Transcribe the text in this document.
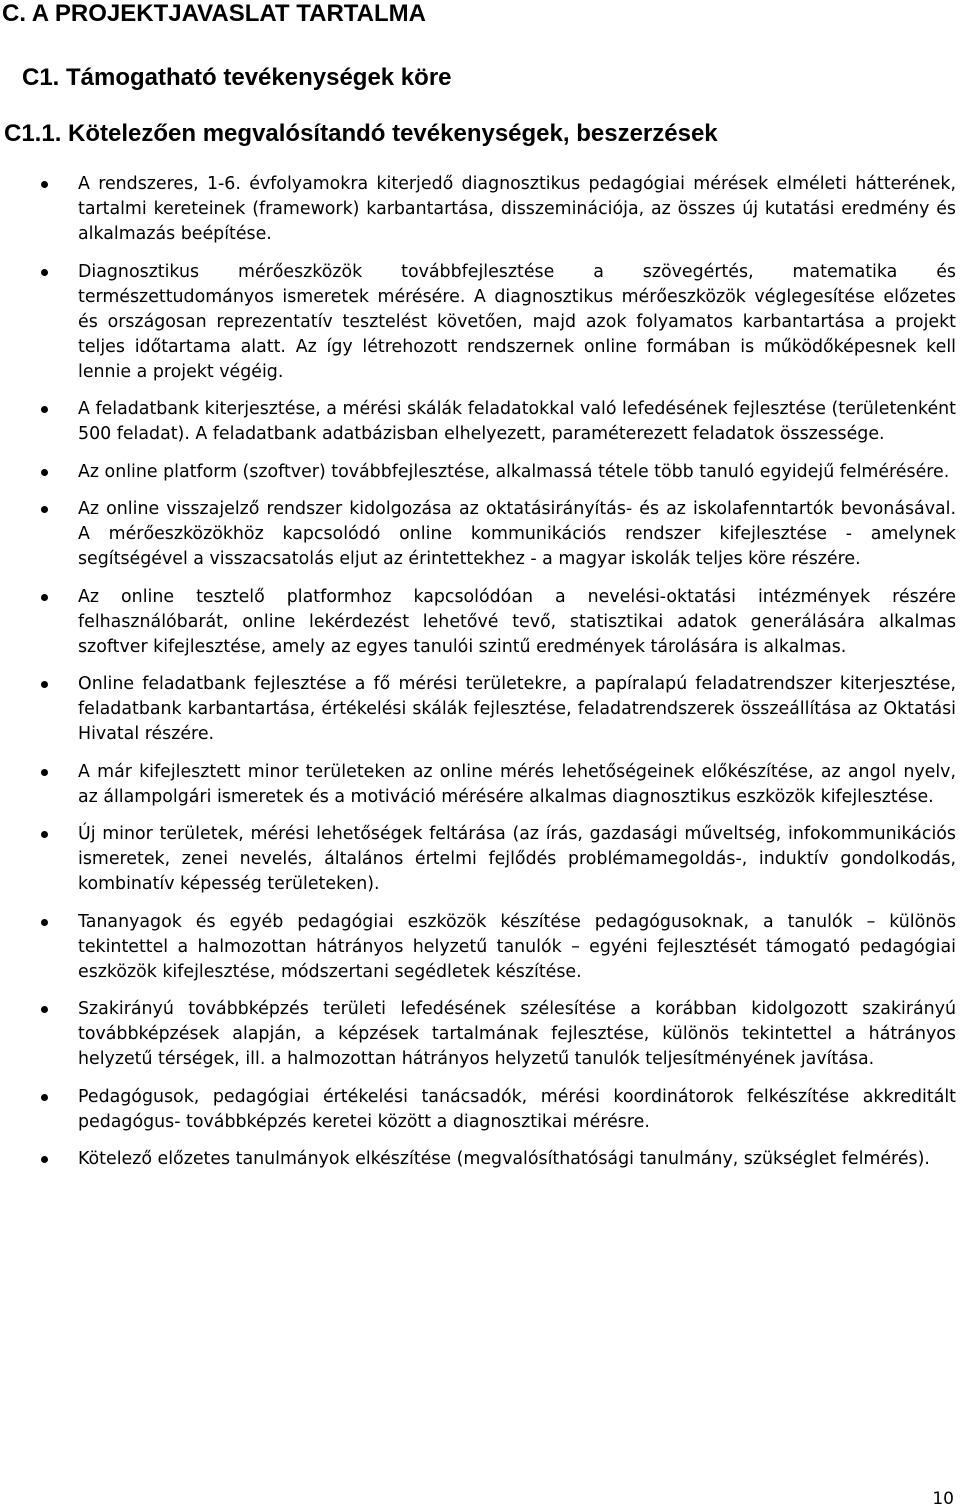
C. A PROJEKTJAVASLAT TARTALMA
C1. Támogatható tevékenységek köre
C1.1. Kötelezően megvalósítandó tevékenységek, beszerzések
A rendszeres, 1-6. évfolyamokra kiterjedő diagnosztikus pedagógiai mérések elméleti hátterének, tartalmi kereteinek (framework) karbantartása, disszeminációja, az összes új kutatási eredmény és alkalmazás beépítése.
Diagnosztikus mérőeszközök továbbfejlesztése a szövegértés, matematika és természettudományos ismeretek mérésére. A diagnosztikus mérőeszközök véglegesítése előzetes és országosan reprezentatív tesztelést követően, majd azok folyamatos karbantartása a projekt teljes időtartama alatt. Az így létrehozott rendszernek online formában is működőképesnek kell lennie a projekt végéig.
A feladatbank kiterjesztése, a mérési skálák feladatokkal való lefedésének fejlesztése (területenként 500 feladat). A feladatbank adatbázisban elhelyezett, paraméterezett feladatok összessége.
Az online platform (szoftver) továbbfejlesztése, alkalmassá tétele több tanuló egyidejű felmérésére.
Az online visszajelző rendszer kidolgozása az oktatásirányítás- és az iskolafenntartók bevonásával. A mérőeszközökhöz kapcsolódó online kommunikációs rendszer kifejlesztése - amelynek segítségével a visszacsatolás eljut az érintettekhez - a magyar iskolák teljes köre részére.
Az online tesztelő platformhoz kapcsolódóan a nevelési-oktatási intézmények részére felhasználóbarát, online lekérdezést lehetővé tevő, statisztikai adatok generálására alkalmas szoftver kifejlesztése, amely az egyes tanulói szintű eredmények tárolására is alkalmas.
Online feladatbank fejlesztése a fő mérési területekre, a papíralapú feladatrendszer kiterjesztése, feladatbank karbantartása, értékelési skálák fejlesztése, feladatrendszerek összeállítása az Oktatási Hivatal részére.
A már kifejlesztett minor területeken az online mérés lehetőségeinek előkészítése, az angol nyelv, az állampolgári ismeretek és a motiváció mérésére alkalmas diagnosztikus eszközök kifejlesztése.
Új minor területek, mérési lehetőségek feltárása (az írás, gazdasági műveltség, infokommunikációs ismeretek, zenei nevelés, általános értelmi fejlődés problémamegoldás-, induktív gondolkodás, kombinatív képesség területeken).
Tananyagok és egyéb pedagógiai eszközök készítése pedagógusoknak, a tanulók – különös tekintettel a halmozottan hátrányos helyzetű tanulók – egyéni fejlesztését támogató pedagógiai eszközök kifejlesztése, módszertani segédletek készítése.
Szakirányú továbbképzés területi lefedésének szélesítése a korábban kidolgozott szakirányú továbbképzések alapján, a képzések tartalmának fejlesztése, különös tekintettel a hátrányos helyzetű térségek, ill. a halmozottan hátrányos helyzetű tanulók teljesítményének javítása.
Pedagógusok, pedagógiai értékelési tanácsadók, mérési koordinátorok felkészítése akkreditált pedagógus- továbbképzés keretei között a diagnosztikai mérésre.
Kötelező előzetes tanulmányok elkészítése (megvalósíthatósági tanulmány, szükséglet felmérés).
10
